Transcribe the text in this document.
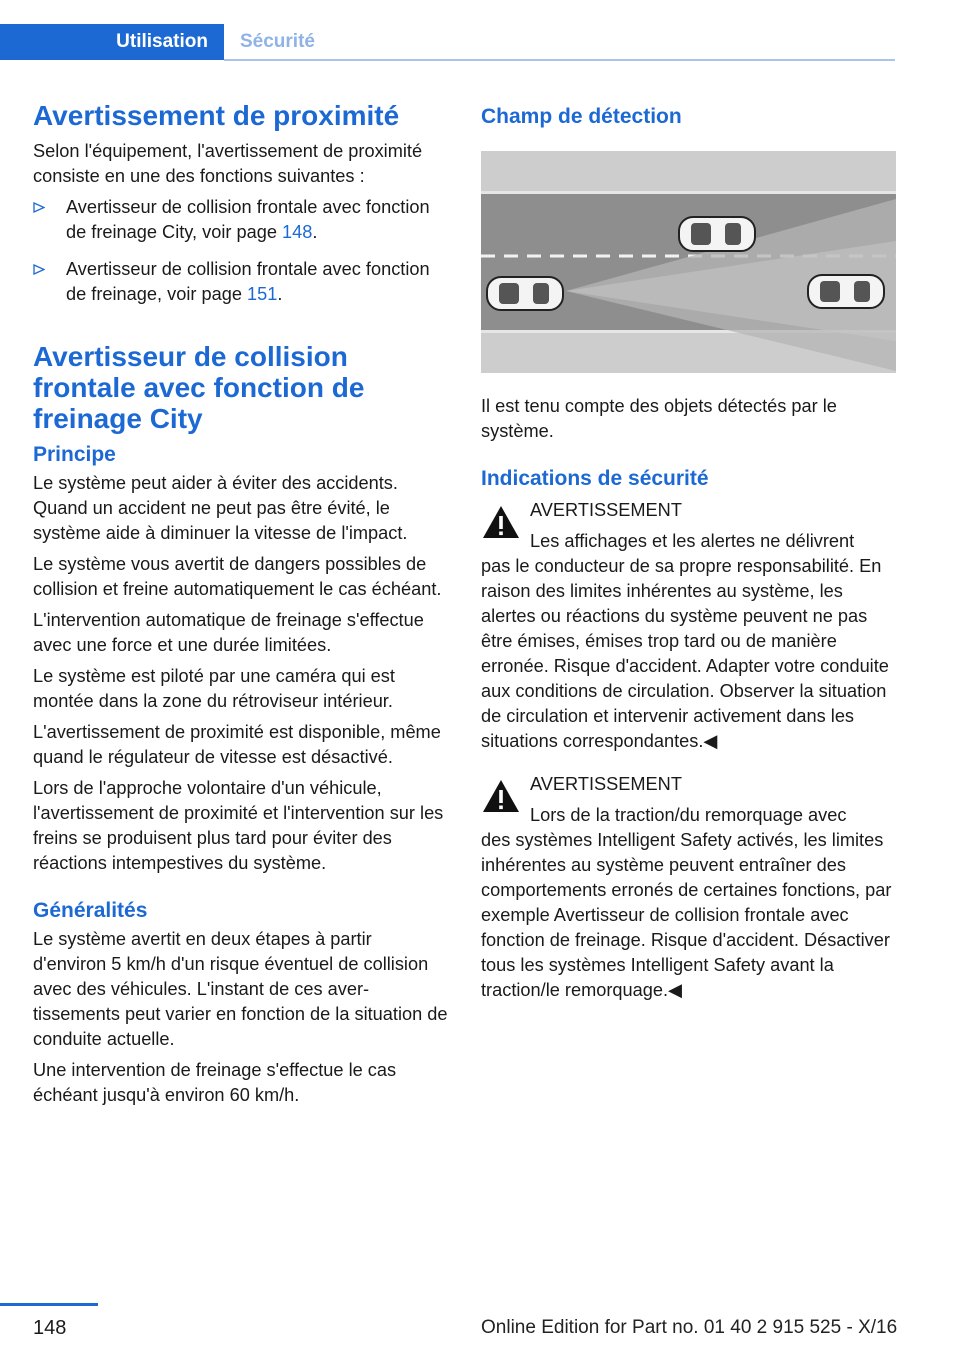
Utilisation Sécurité
Avertissement de proximité

Selon l'équipement, l'avertissement de proximité consiste en une des fonctions suivantes :

Avertisseur de collision frontale avec fonction de freinage City, voir page 148.
Avertisseur de collision frontale avec fonction de freinage, voir page 151.
Avertisseur de collision frontale avec fonction de freinage City
Principe

Le système peut aider à éviter des accidents. Quand un accident ne peut pas être évité, le système aide à diminuer la vitesse de l'impact.

Le système vous avertit de dangers possibles de collision et freine automatiquement le cas échéant.

L'intervention automatique de freinage s'effectue avec une force et une durée limitées.

Le système est piloté par une caméra qui est montée dans la zone du rétroviseur intérieur.

L'avertissement de proximité est disponible, même quand le régulateur de vitesse est désactivé.

Lors de l'approche volontaire d'un véhicule, l'avertissement de proximité et l'intervention sur les freins se produisent plus tard pour éviter des réactions intempestives du système.

Généralités

Le système avertit en deux étapes à partir d'environ 5 km/h d'un risque éventuel de collision avec des véhicules. L'instant de ces avertissements peut varier en fonction de la situation de conduite actuelle.

Une intervention de freinage s'effectue le cas échéant jusqu'à environ 60 km/h.

Champ de détection

Il est tenu compte des objets détectés par le système.

Indications de sécurité

AVERTISSEMENT

Les affichages et les alertes ne délivrent
pas le conducteur de sa propre responsabilité. En raison des limites inhérentes au système, les alertes ou réactions du système peuvent ne pas être émises, émises trop tard ou de manière erronée. Risque d'accident. Adapter votre conduite aux conditions de circulation. Observer la situation de circulation et intervenir activement dans les situations correspondantes.◀

AVERTISSEMENT

Lors de la traction/du remorquage avec
des systèmes Intelligent Safety activés, les limites inhérentes au système peuvent entraîner des comportements erronés de certaines fonctions, par exemple Avertisseur de collision frontale avec fonction de freinage. Risque d'accident. Désactiver tous les systèmes Intelligent Safety avant la traction/le remorquage.◀

148	Online Edition for Part no. 01 40 2 915 525 - X/16
